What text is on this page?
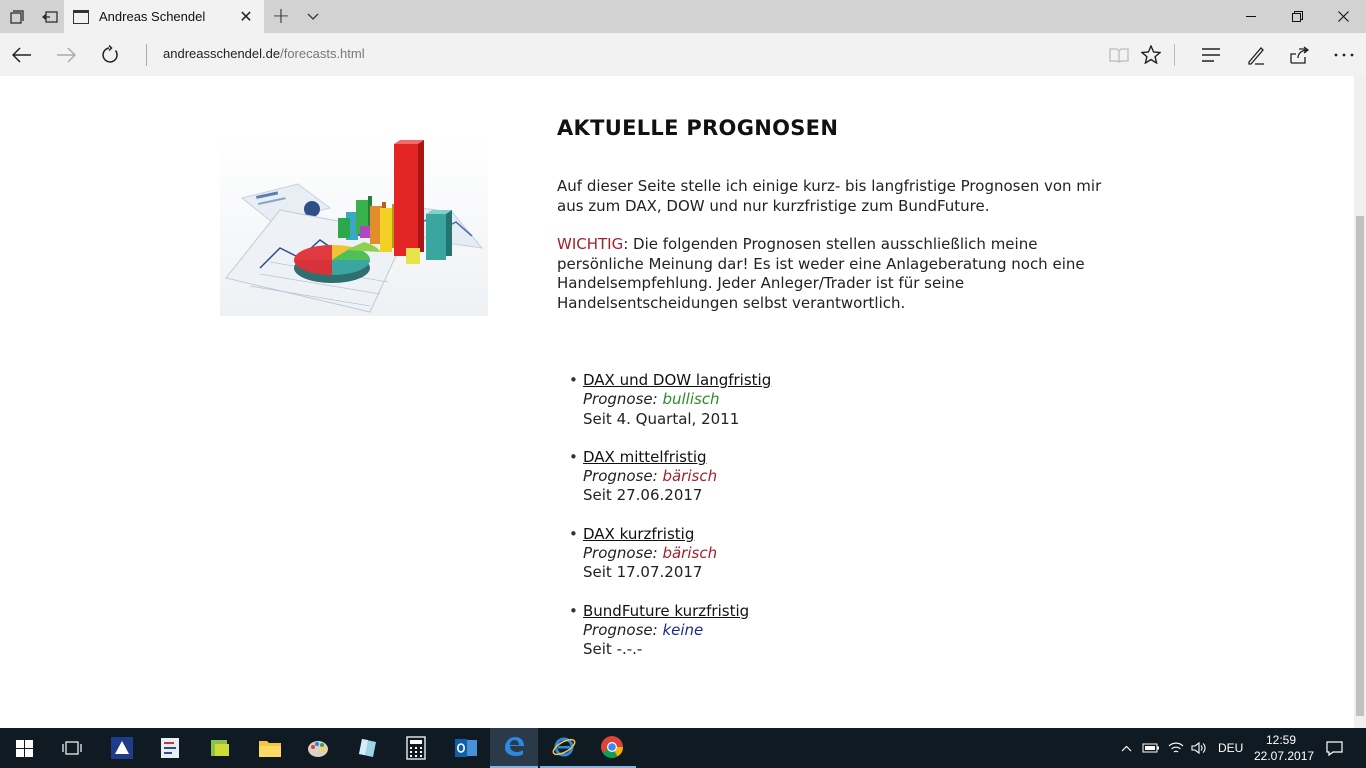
Andreas Schendel	✕ +
andreasschendel.de/forecasts.html
AKTUELLE PROGNOSEN

Auf dieser Seite stelle ich einige kurz- bis langfristige Prognosen von mir aus zum DAX, DOW und nur kurzfristige zum BundFuture.

WICHTIG: Die folgenden Prognosen stellen ausschließlich meine persönliche Meinung dar! Es ist weder eine Anlageberatung noch eine Handelsempfehlung. Jeder Anleger/Trader ist für seine Handelsentscheidungen selbst verantwortlich.

• DAX und DOW langfristig
Prognose: bullisch
Seit 4. Quartal, 2011
• DAX mittelfristig
Prognose: bärisch
Seit 27.06.2017
• DAX kurzfristig
Prognose: bärisch
Seit 17.07.2017
• BundFuture kurzfristig
Prognose: keine
Seit -.-.-
DEU
12:59
22.07.2017
